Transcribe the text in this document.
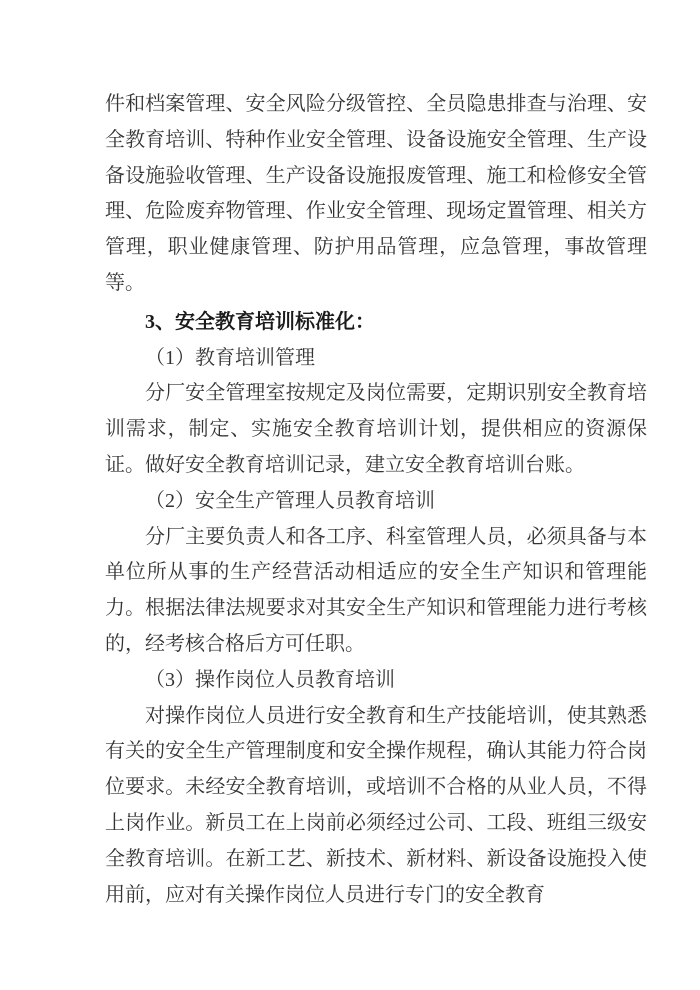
件和档案管理、安全风险分级管控、全员隐患排查与治理、安全教育培训、特种作业安全管理、设备设施安全管理、生产设备设施验收管理、生产设备设施报废管理、施工和检修安全管理、危险废弃物管理、作业安全管理、现场定置管理、相关方管理，职业健康管理、防护用品管理，应急管理，事故管理等。

3、安全教育培训标准化：

（1）教育培训管理

分厂安全管理室按规定及岗位需要，定期识别安全教育培训需求，制定、实施安全教育培训计划，提供相应的资源保证。做好安全教育培训记录，建立安全教育培训台账。

（2）安全生产管理人员教育培训

分厂主要负责人和各工序、科室管理人员，必须具备与本单位所从事的生产经营活动相适应的安全生产知识和管理能力。根据法律法规要求对其安全生产知识和管理能力进行考核的，经考核合格后方可任职。

（3）操作岗位人员教育培训

对操作岗位人员进行安全教育和生产技能培训，使其熟悉有关的安全生产管理制度和安全操作规程，确认其能力符合岗位要求。未经安全教育培训，或培训不合格的从业人员，不得上岗作业。新员工在上岗前必须经过公司、工段、班组三级安全教育培训。在新工艺、新技术、新材料、新设备设施投入使用前，应对有关操作岗位人员进行专门的安全教育
